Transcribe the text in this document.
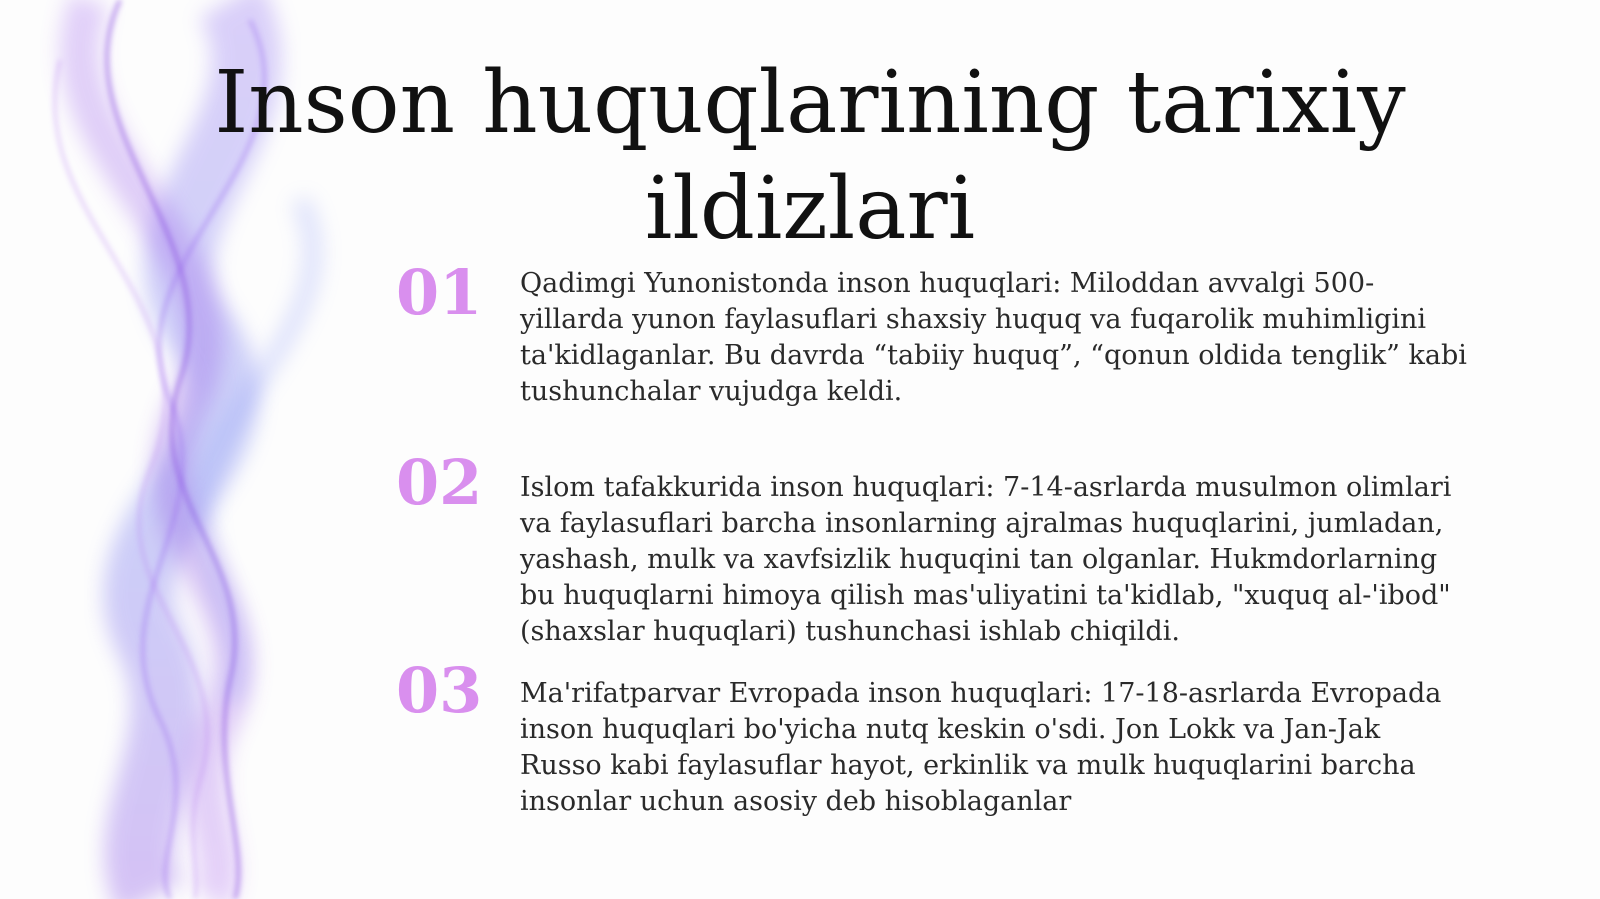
Inson huquqlarining tarixiy ildizlari
01 Qadimgi Yunonistonda inson huquqlari: Miloddan avvalgi 500-yillarda yunon faylasuflari shaxsiy huquq va fuqarolik muhimligini ta'kidlaganlar. Bu davrda “tabiiy huquq”, “qonun oldida tenglik” kabi tushunchalar vujudga keldi.

02 Islom tafakkurida inson huquqlari: 7-14-asrlarda musulmon olimlari va faylasuflari barcha insonlarning ajralmas huquqlarini, jumladan, yashash, mulk va xavfsizlik huquqini tan olganlar. Hukmdorlarning bu huquqlarni himoya qilish mas'uliyatini ta'kidlab, "xuquq al-'ibod" (shaxslar huquqlari) tushunchasi ishlab chiqildi.

03 Ma'rifatparvar Evropada inson huquqlari: 17-18-asrlarda Evropada inson huquqlari bo'yicha nutq keskin o'sdi. Jon Lokk va Jan-Jak Russo kabi faylasuflar hayot, erkinlik va mulk huquqlarini barcha insonlar uchun asosiy deb hisoblaganlar
